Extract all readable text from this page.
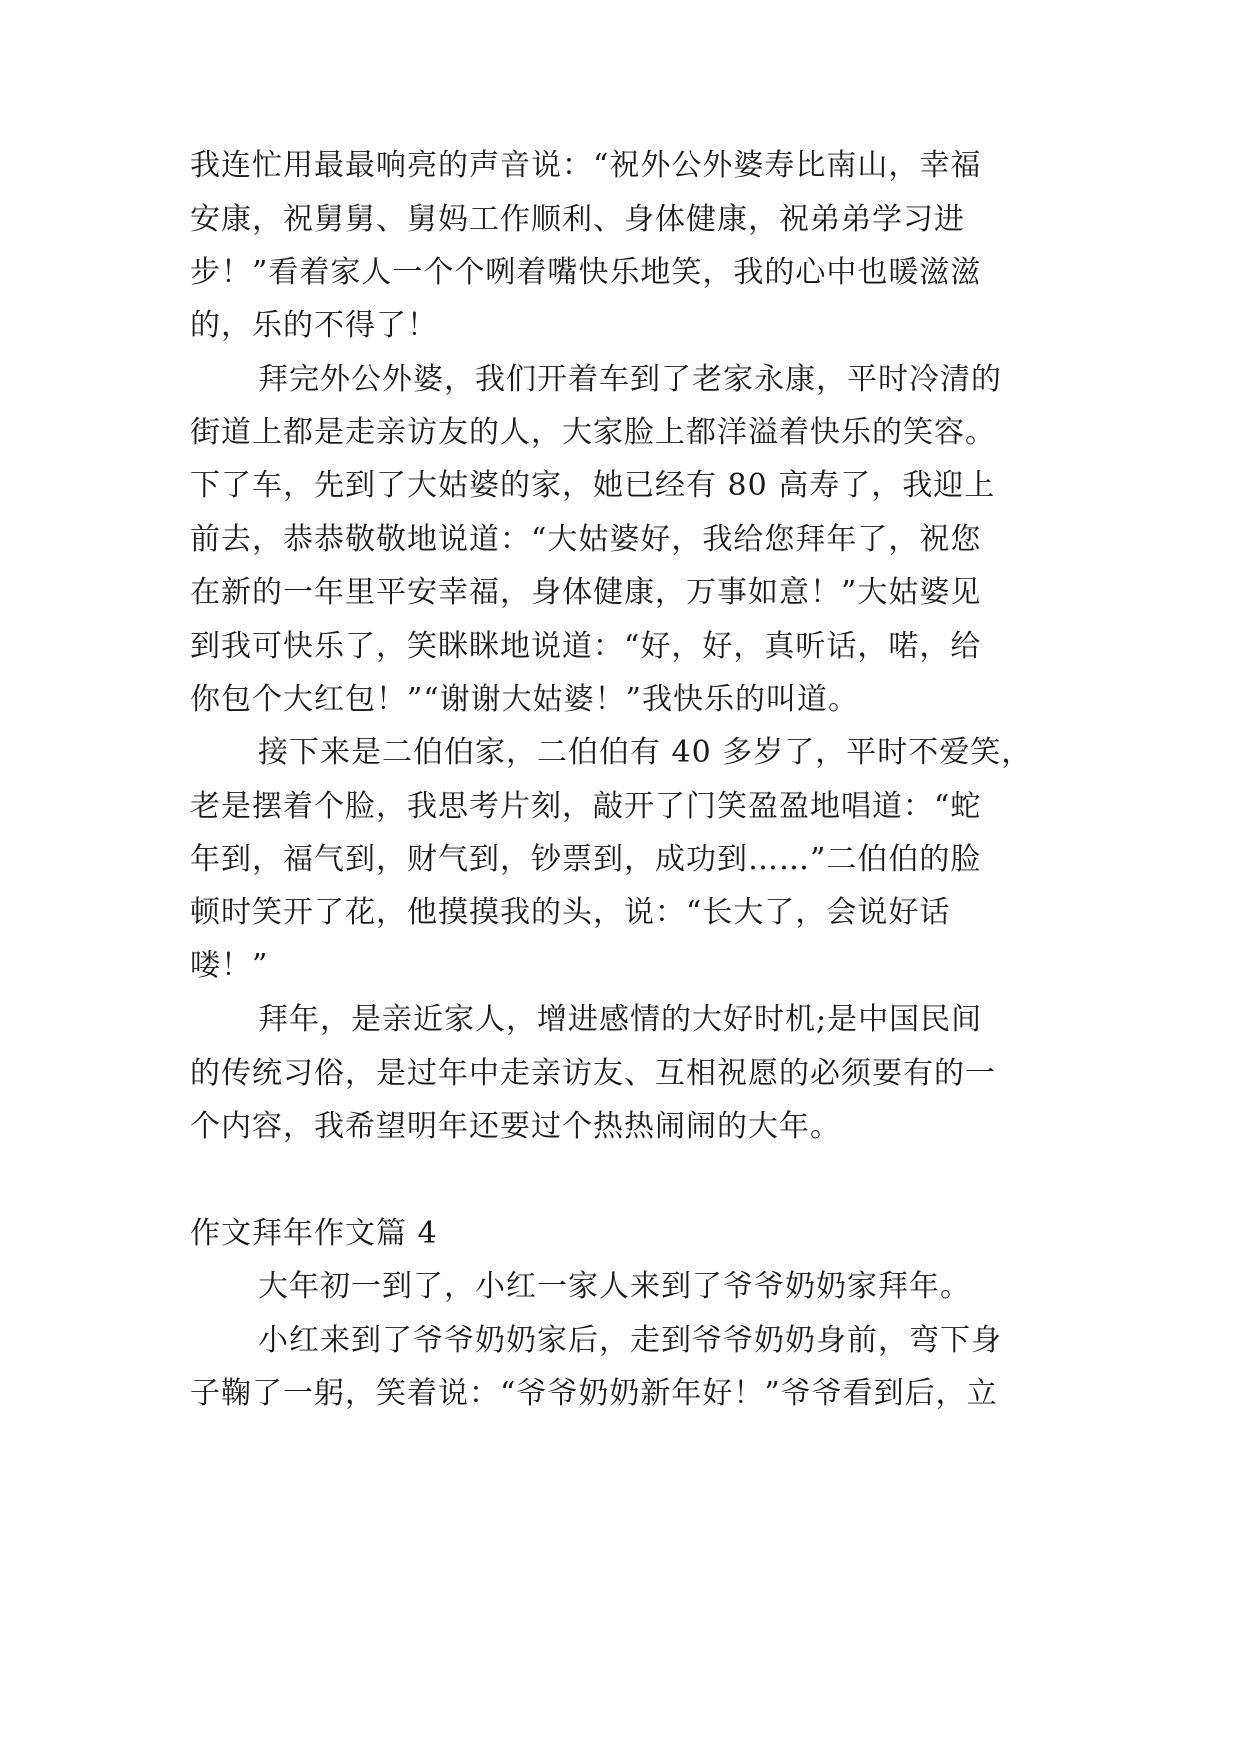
我连忙用最最响亮的声音说：“祝外公外婆寿比南山，幸福
安康，祝舅舅、舅妈工作顺利、身体健康，祝弟弟学习进
步！”看着家人一个个咧着嘴快乐地笑，我的心中也暖滋滋
的，乐的不得了！
拜完外公外婆，我们开着车到了老家永康，平时冷清的
街道上都是走亲访友的人，大家脸上都洋溢着快乐的笑容。
下了车，先到了大姑婆的家，她已经有 80 高寿了，我迎上
前去，恭恭敬敬地说道：“大姑婆好，我给您拜年了，祝您
在新的一年里平安幸福，身体健康，万事如意！”大姑婆见
到我可快乐了，笑眯眯地说道：“好，好，真听话，喏，给
你包个大红包！”“谢谢大姑婆！”我快乐的叫道。
接下来是二伯伯家，二伯伯有 40 多岁了，平时不爱笑，
老是摆着个脸，我思考片刻，敲开了门笑盈盈地唱道：“蛇
年到，福气到，财气到，钞票到，成功到……”二伯伯的脸
顿时笑开了花，他摸摸我的头，说：“长大了，会说好话
喽！”
拜年，是亲近家人，增进感情的大好时机;是中国民间
的传统习俗，是过年中走亲访友、互相祝愿的必须要有的一
个内容，我希望明年还要过个热热闹闹的大年。
作文拜年作文篇 4
大年初一到了，小红一家人来到了爷爷奶奶家拜年。
小红来到了爷爷奶奶家后，走到爷爷奶奶身前，弯下身
子鞠了一躬，笑着说：“爷爷奶奶新年好！”爷爷看到后，立
